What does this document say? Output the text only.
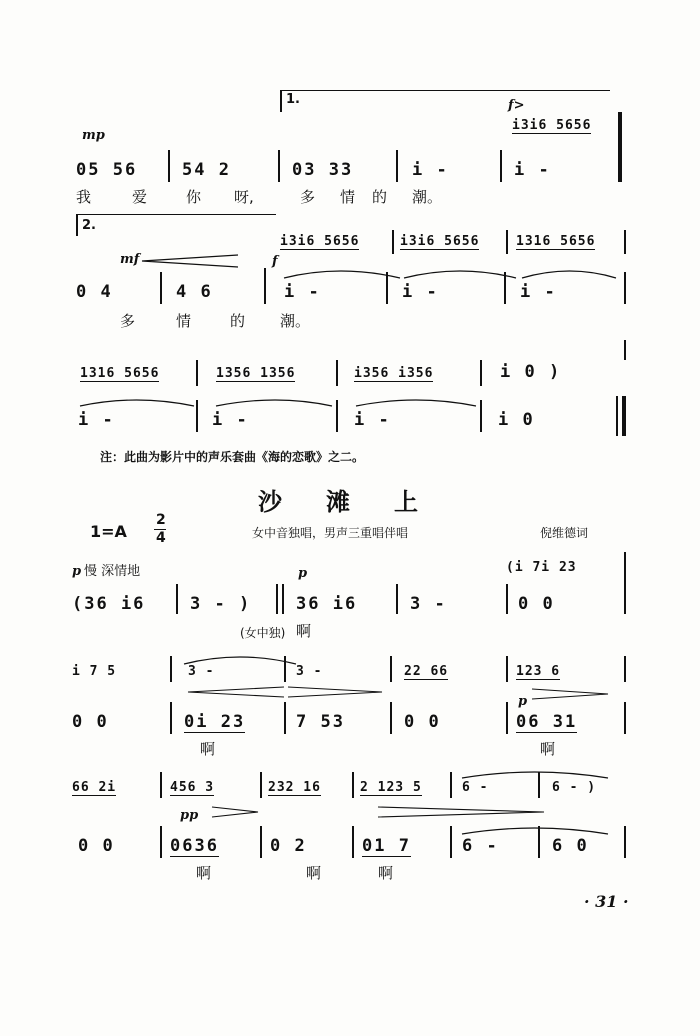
1.
mp
f>
i3i6 5656
05 56	54 2	03 33	i -	i -
我	爱	你 呀,	多 情 的 潮。
2.
mf	f
i3i6 5656	i3i6 5656	1316 5656
0 4	4 6	i -	i -	i -
多	情	的 潮。
1316 5656	1356 1356	i356 i356	i 0 )
i -	i -	i -	i 0
注：此曲为影片中的声乐套曲《海的恋歌》之二。
沙滩上
1=A
2
4	女中音独唱，男声三重唱伴唱	倪维德词
p 慢 深情地	(i 7i 23
p
(36 i6	3 - )	36 i6	3 -	0 0
(女中独) 啊
i 7 5	3 -	3 -	22 66	123 6
p
0 0	0i 23	7 53	0 0	06 31
啊	啊
66 2i	456 3	232 16	2 123 5	6 -	6 - )
pp
0 0	0636	0 2	01 7	6 -	6 0
啊	啊	啊
· 31 ·
